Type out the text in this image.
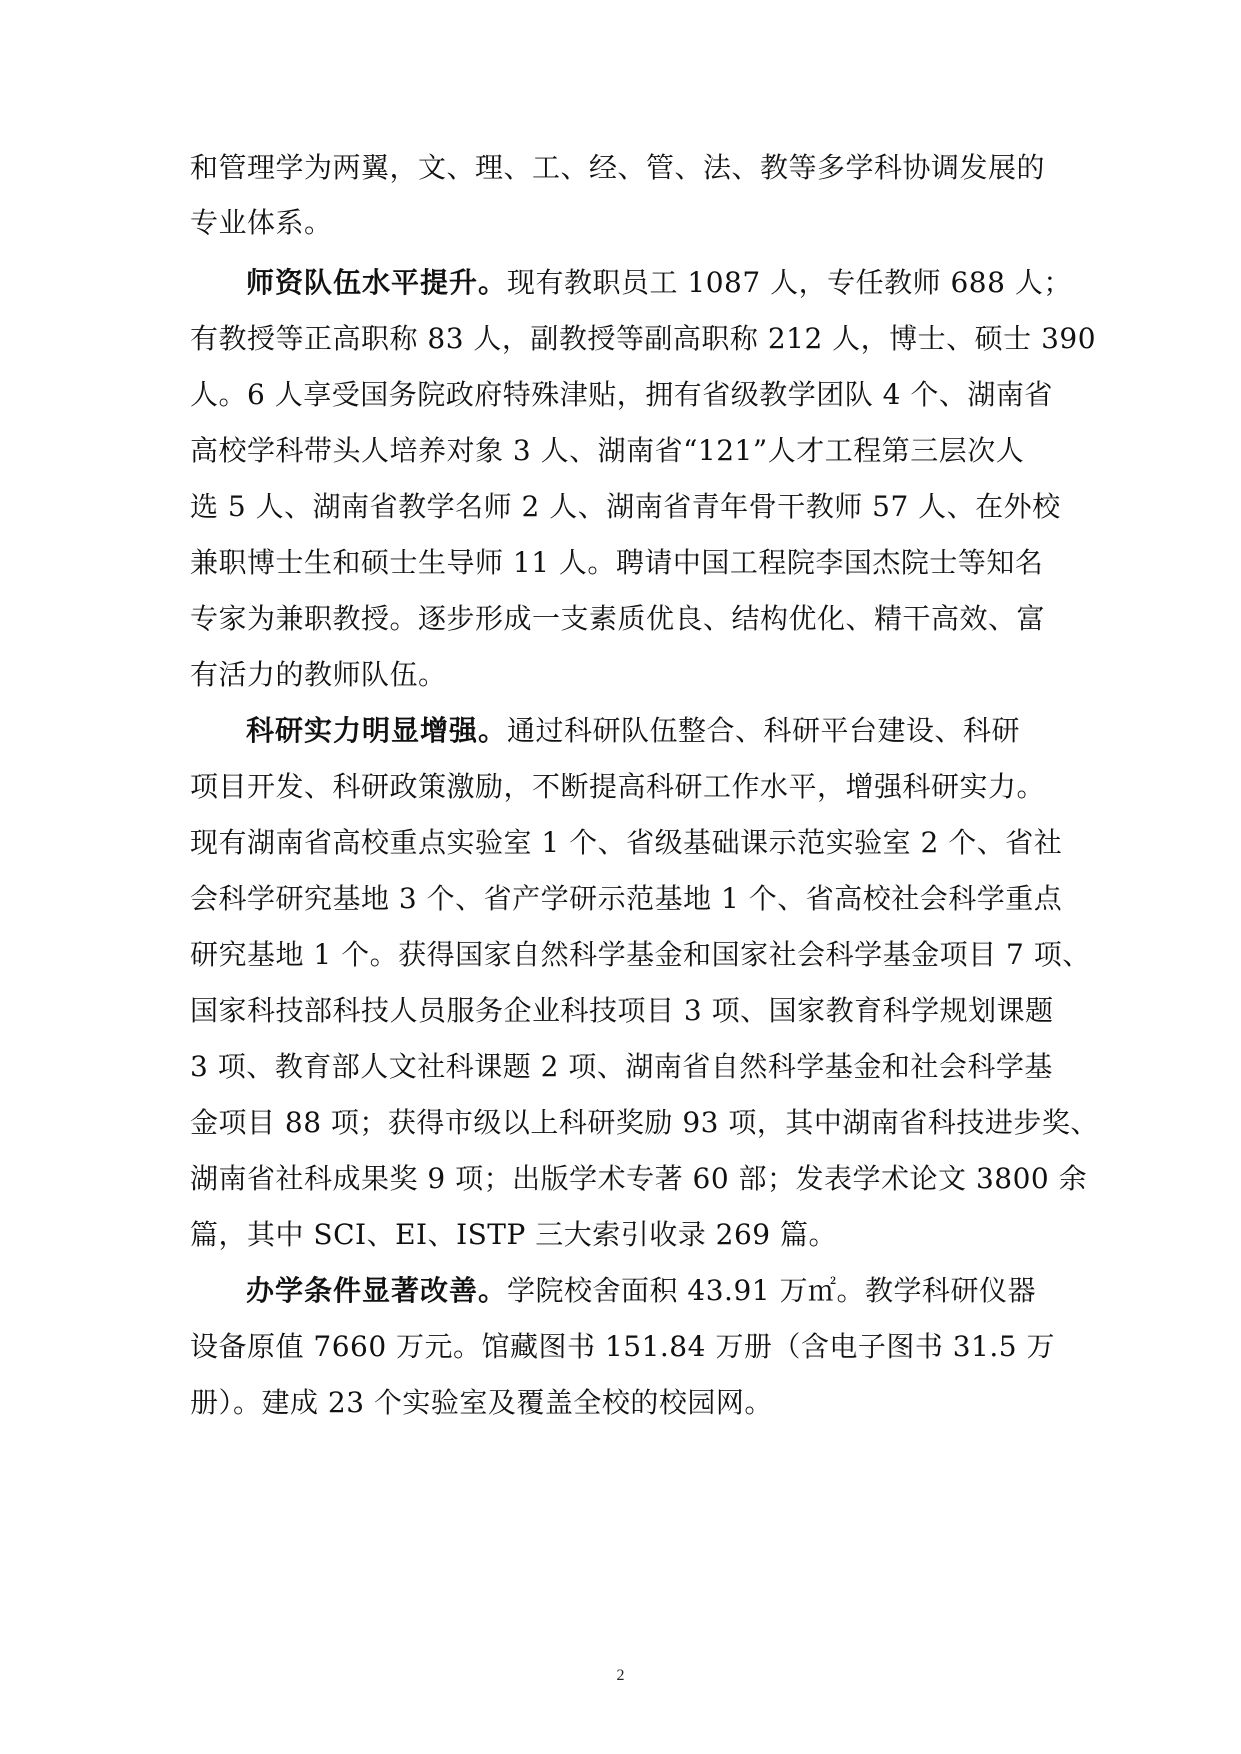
和管理学为两翼，文、理、工、经、管、法、教等多学科协调发展的
专业体系。
师资队伍水平提升。现有教职员工 1087 人，专任教师 688 人；
有教授等正高职称 83 人，副教授等副高职称 212 人，博士、硕士 390
人。6 人享受国务院政府特殊津贴，拥有省级教学团队 4 个、湖南省
高校学科带头人培养对象 3 人、湖南省“121”人才工程第三层次人
选 5 人、湖南省教学名师 2 人、湖南省青年骨干教师 57 人、在外校
兼职博士生和硕士生导师 11 人。聘请中国工程院李国杰院士等知名
专家为兼职教授。逐步形成一支素质优良、结构优化、精干高效、富
有活力的教师队伍。
科研实力明显增强。通过科研队伍整合、科研平台建设、科研
项目开发、科研政策激励，不断提高科研工作水平，增强科研实力。
现有湖南省高校重点实验室 1 个、省级基础课示范实验室 2 个、省社
会科学研究基地 3 个、省产学研示范基地 1 个、省高校社会科学重点
研究基地 1 个。获得国家自然科学基金和国家社会科学基金项目 7 项、
国家科技部科技人员服务企业科技项目 3 项、国家教育科学规划课题
3 项、教育部人文社科课题 2 项、湖南省自然科学基金和社会科学基
金项目 88 项；获得市级以上科研奖励 93 项，其中湖南省科技进步奖、
湖南省社科成果奖 9 项；出版学术专著 60 部；发表学术论文 3800 余
篇，其中 SCI、EI、ISTP 三大索引收录 269 篇。
办学条件显著改善。学院校舍面积 43.91 万㎡。教学科研仪器
设备原值 7660 万元。馆藏图书 151.84 万册（含电子图书 31.5 万
册）。建成 23 个实验室及覆盖全校的校园网。
2
